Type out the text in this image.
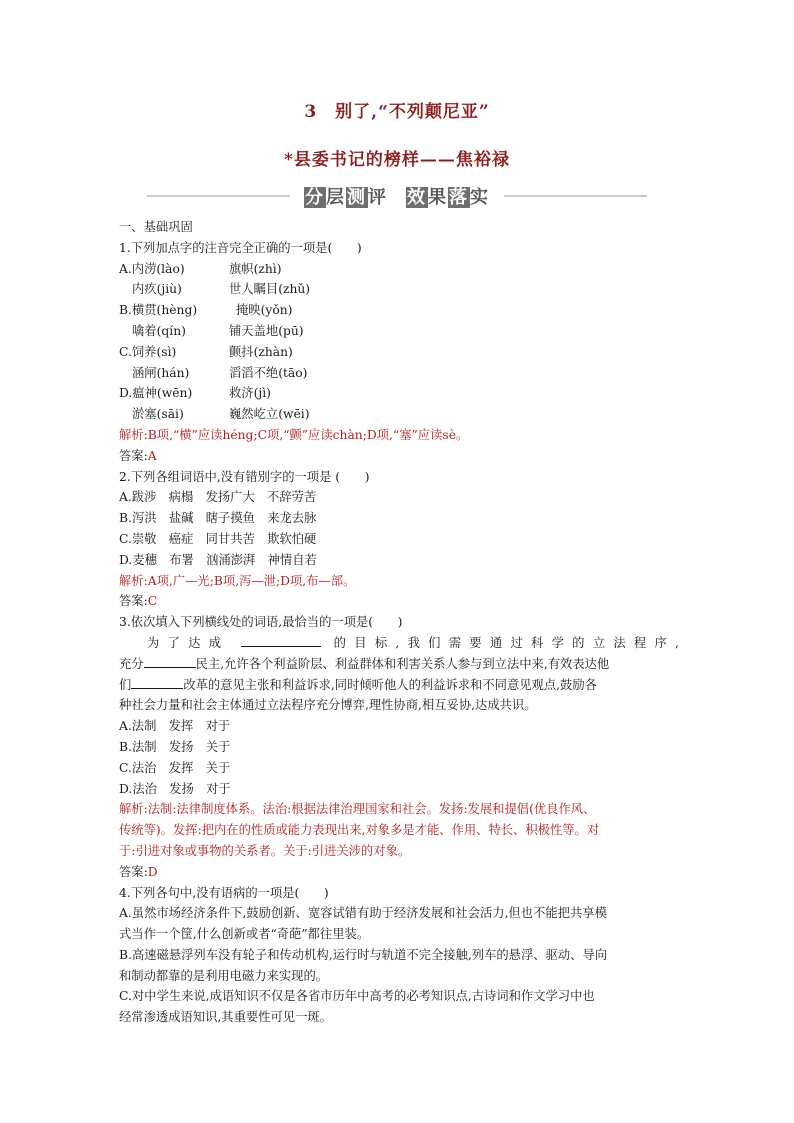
3　别了,“不列颠尼亚”
*县委书记的榜样——焦裕禄
分层测评 效果落实
一、基础巩固
1.下列加点字的注音完全正确的一项是(　　)
A.内涝(lào)	旗帜(zhì)
内疚(jiù)	世人瞩目(zhǔ)
B.横贯(hèng)	掩映(yǒn)
噙着(qín)	铺天盖地(pū)
C.饲养(sì)	颤抖(zhàn)
涵闸(hán)	滔滔不绝(tāo)
D.瘟神(wēn)	救济(jì)
淤塞(sāi)	巍然屹立(wēi)
解析:B项,“横”应读héng;C项,“颤”应读chàn;D项,“塞”应读sè。
答案:A
2.下列各组词语中,没有错别字的一项是 (　　)
A.跋涉　病榻　发扬广大　不辞劳苦
B.泻洪　盐碱　瞎子摸鱼　来龙去脉
C.崇敬　癌症　同甘共苦　欺软怕硬
D.麦穗　布署　汹涌澎湃　神情自若
解析:A项,广—光;B项,泻—泄;D项,布—部。
答案:C
3.依次填入下列横线处的词语,最恰当的一项是(　　)
为了达成	的目标,我们需要通过科学的立法程序,
充分	民主,允许各个利益阶层、利益群体和利害关系人参与到立法中来,有效表达他
们	改革的意见主张和利益诉求,同时倾听他人的利益诉求和不同意见观点,鼓励各
种社会力量和社会主体通过立法程序充分博弈,理性协商,相互妥协,达成共识。
A.法制　发挥　对于
B.法制　发扬　关于
C.法治　发挥　关于
D.法治　发扬　对于
解析:法制:法律制度体系。法治:根据法律治理国家和社会。发扬:发展和提倡(优良作风、
传统等)。发挥:把内在的性质或能力表现出来,对象多是才能、作用、特长、积极性等。对
于:引进对象或事物的关系者。关于:引进关涉的对象。
答案:D
4.下列各句中,没有语病的一项是(　　)
A.虽然市场经济条件下,鼓励创新、宽容试错有助于经济发展和社会活力,但也不能把共享模
式当作一个筐,什么创新或者“奇葩”都往里装。
B.高速磁悬浮列车没有轮子和传动机构,运行时与轨道不完全接触,列车的悬浮、驱动、导向
和制动都靠的是利用电磁力来实现的。
C.对中学生来说,成语知识不仅是各省市历年中高考的必考知识点,古诗词和作文学习中也
经常渗透成语知识,其重要性可见一斑。
